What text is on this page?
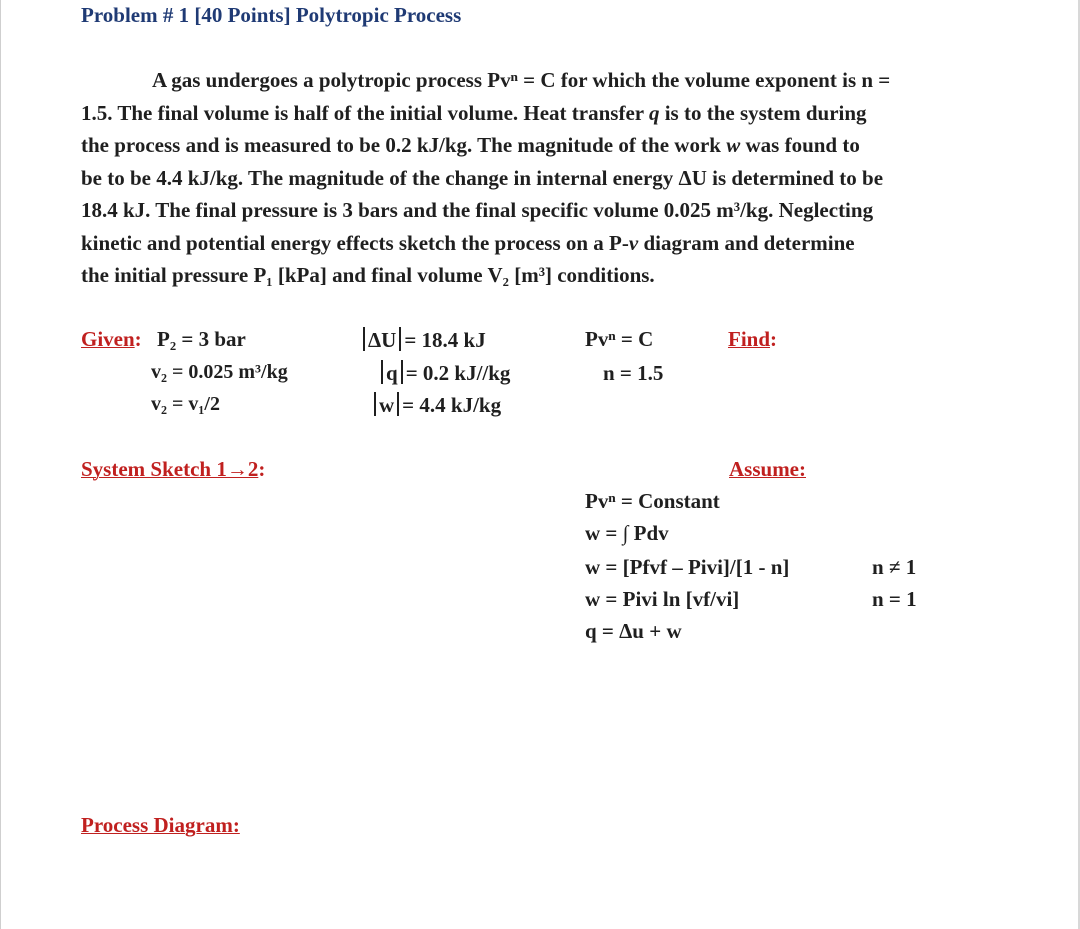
Problem # 1 [40 Points] Polytropic Process
A gas undergoes a polytropic process Pvⁿ = C for which the volume exponent is n =
1.5. The final volume is half of the initial volume. Heat transfer q is to the system during
the process and is measured to be 0.2 kJ/kg. The magnitude of the work w was found to
be to be 4.4 kJ/kg. The magnitude of the change in internal energy ΔU is determined to be
18.4 kJ. The final pressure is 3 bars and the final specific volume 0.025 m³/kg. Neglecting
kinetic and potential energy effects sketch the process on a P-v diagram and determine
the initial pressure P₁ [kPa] and final volume V₂ [m³] conditions.
Given: P₂ = 3 bar
v₂ = 0.025 m³/kg
v₂ = v₁/2
ΔU = 18.4 kJ
q = 0.2 kJ//kg
w = 4.4 kJ/kg
Pvⁿ = C
n = 1.5
Find:
System Sketch 1→2:	Assume:
Pvⁿ = Constant
w = ∫ Pdv
w = [Pfvf – Pivi]/[1 - n]
w = Pivi ln [vf/vi]
q = Δu + w
n ≠ 1
n = 1
Process Diagram:
